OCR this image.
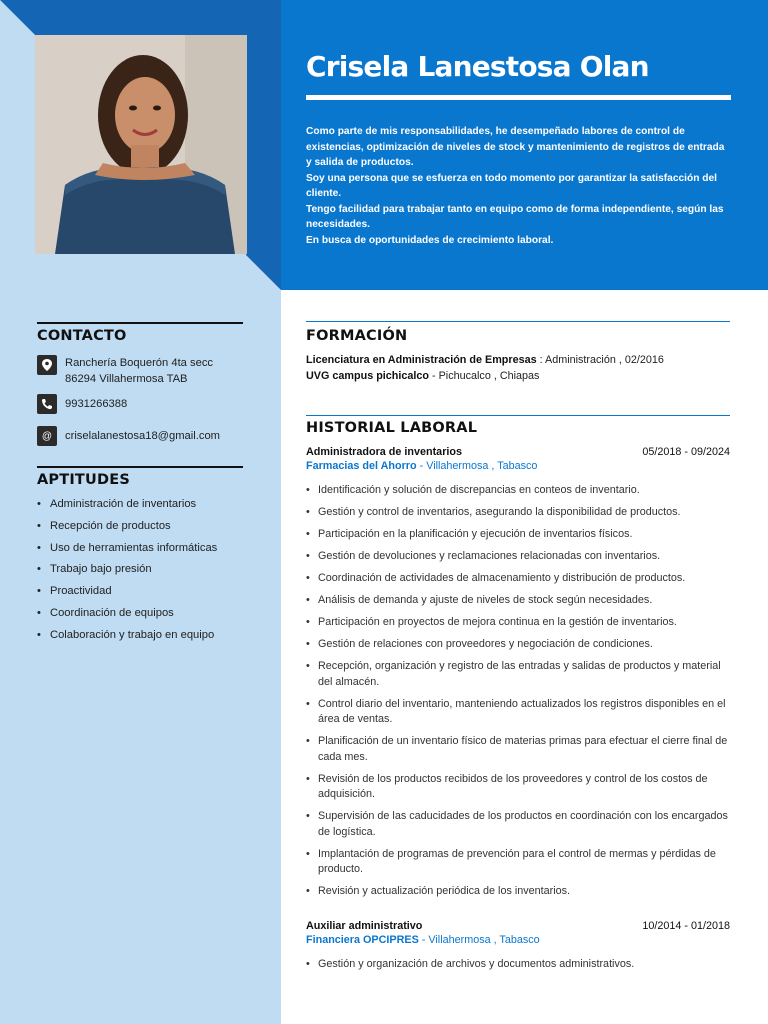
Crisela Lanestosa Olan
Como parte de mis responsabilidades, he desempeñado labores de control de existencias, optimización de niveles de stock y mantenimiento de registros de entrada y salida de productos.
Soy una persona que se esfuerza en todo momento por garantizar la satisfacción del cliente.
Tengo facilidad para trabajar tanto en equipo como de forma independiente, según las necesidades.
En busca de oportunidades de crecimiento laboral.
CONTACTO
Ranchería Boquerón 4ta secc
86294 Villahermosa TAB
9931266388
@	criselalanestosa18@gmail.com
APTITUDES
• Administración de inventarios
• Recepción de productos
• Uso de herramientas informáticas
• Trabajo bajo presión
• Proactividad
• Coordinación de equipos
• Colaboración y trabajo en equipo
FORMACIÓN
Licenciatura en Administración de Empresas : Administración , 02/2016
UVG campus pichicalco - Pichucalco , Chiapas
HISTORIAL LABORAL
Administradora de inventarios	05/2018 - 09/2024
Farmacias del Ahorro - Villahermosa , Tabasco
• Identificación y solución de discrepancias en conteos de inventario.
• Gestión y control de inventarios, asegurando la disponibilidad de productos.
• Participación en la planificación y ejecución de inventarios físicos.
• Gestión de devoluciones y reclamaciones relacionadas con inventarios.
• Coordinación de actividades de almacenamiento y distribución de productos.
• Análisis de demanda y ajuste de niveles de stock según necesidades.
• Participación en proyectos de mejora continua en la gestión de inventarios.
• Gestión de relaciones con proveedores y negociación de condiciones.
• Recepción, organización y registro de las entradas y salidas de productos y material del almacén.
• Control diario del inventario, manteniendo actualizados los registros disponibles en el área de ventas.
• Planificación de un inventario físico de materias primas para efectuar el cierre final de cada mes.
• Revisión de los productos recibidos de los proveedores y control de los costos de adquisición.
• Supervisión de las caducidades de los productos en coordinación con los encargados de logística.
• Implantación de programas de prevención para el control de mermas y pérdidas de producto.
• Revisión y actualización periódica de los inventarios.
Auxiliar administrativo	10/2014 - 01/2018
Financiera OPCIPRES - Villahermosa , Tabasco
• Gestión y organización de archivos y documentos administrativos.
